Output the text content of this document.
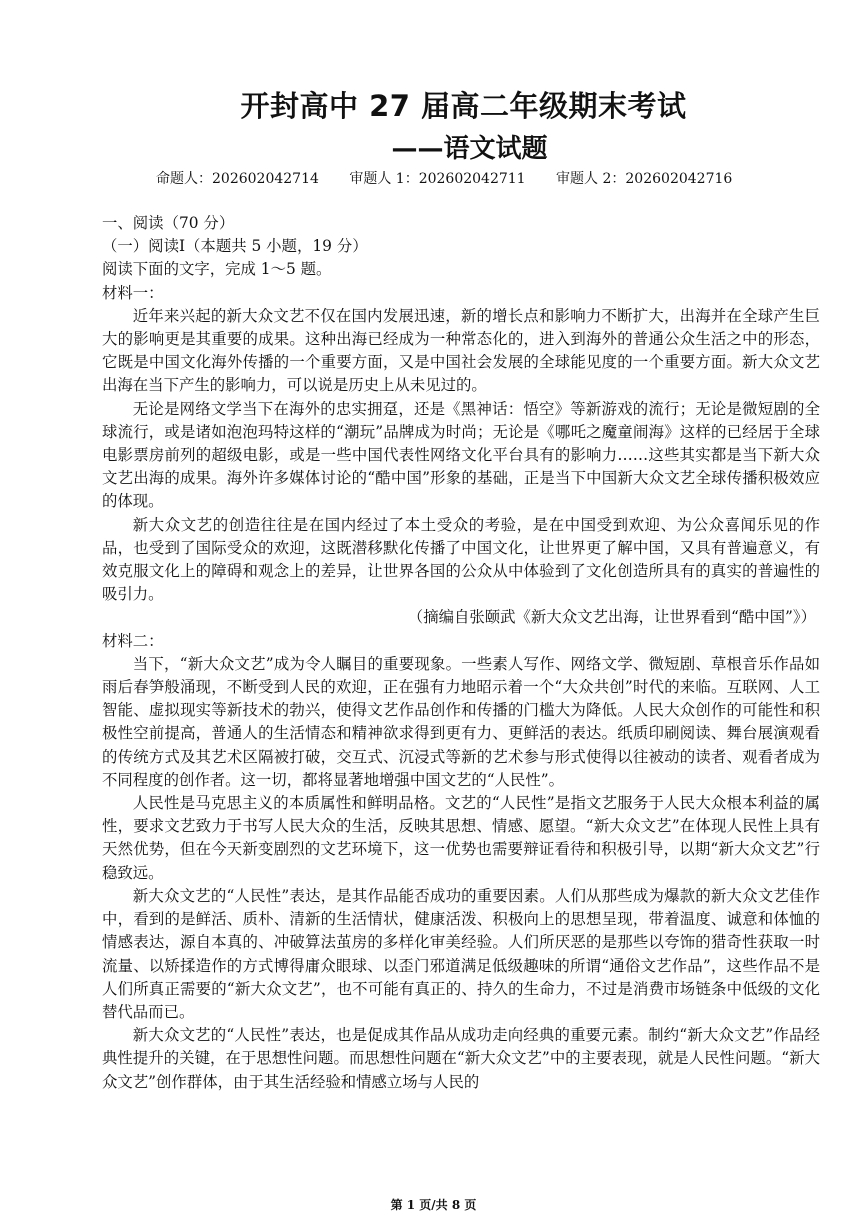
开封高中 27 届高二年级期末考试
——语文试题
命题人：202602042714 审题人 1：202602042711 审题人 2：202602042716

一、阅读（70 分）

（一）阅读Ⅰ（本题共 5 小题，19 分）

阅读下面的文字，完成 1～5 题。

材料一：

近年来兴起的新大众文艺不仅在国内发展迅速，新的增长点和影响力不断扩大，出海并在全球产生巨大的影响更是其重要的成果。这种出海已经成为一种常态化的，进入到海外的普通公众生活之中的形态，它既是中国文化海外传播的一个重要方面，又是中国社会发展的全球能见度的一个重要方面。新大众文艺出海在当下产生的影响力，可以说是历史上从未见过的。

无论是网络文学当下在海外的忠实拥趸，还是《黑神话：悟空》等新游戏的流行；无论是微短剧的全球流行，或是诸如泡泡玛特这样的“潮玩”品牌成为时尚；无论是《哪吒之魔童闹海》这样的已经居于全球电影票房前列的超级电影，或是一些中国代表性网络文化平台具有的影响力……这些其实都是当下新大众文艺出海的成果。海外许多媒体讨论的“酷中国”形象的基础，正是当下中国新大众文艺全球传播积极效应的体现。

新大众文艺的创造往往是在国内经过了本土受众的考验，是在中国受到欢迎、为公众喜闻乐见的作品，也受到了国际受众的欢迎，这既潜移默化传播了中国文化，让世界更了解中国，又具有普遍意义，有效克服文化上的障碍和观念上的差异，让世界各国的公众从中体验到了文化创造所具有的真实的普遍性的吸引力。

（摘编自张颐武《新大众文艺出海，让世界看到“酷中国”》）

材料二：

当下，“新大众文艺”成为令人瞩目的重要现象。一些素人写作、网络文学、微短剧、草根音乐作品如雨后春笋般涌现，不断受到人民的欢迎，正在强有力地昭示着一个“大众共创”时代的来临。互联网、人工智能、虚拟现实等新技术的勃兴，使得文艺作品创作和传播的门槛大为降低。人民大众创作的可能性和积极性空前提高，普通人的生活情态和精神欲求得到更有力、更鲜活的表达。纸质印刷阅读、舞台展演观看的传统方式及其艺术区隔被打破，交互式、沉浸式等新的艺术参与形式使得以往被动的读者、观看者成为不同程度的创作者。这一切，都将显著地增强中国文艺的“人民性”。

人民性是马克思主义的本质属性和鲜明品格。文艺的“人民性”是指文艺服务于人民大众根本利益的属性，要求文艺致力于书写人民大众的生活，反映其思想、情感、愿望。“新大众文艺”在体现人民性上具有天然优势，但在今天新变剧烈的文艺环境下，这一优势也需要辩证看待和积极引导，以期“新大众文艺”行稳致远。

新大众文艺的“人民性”表达，是其作品能否成功的重要因素。人们从那些成为爆款的新大众文艺佳作中，看到的是鲜活、质朴、清新的生活情状，健康活泼、积极向上的思想呈现，带着温度、诚意和体恤的情感表达，源自本真的、冲破算法茧房的多样化审美经验。人们所厌恶的是那些以夸饰的猎奇性获取一时流量、以矫揉造作的方式博得庸众眼球、以歪门邪道满足低级趣味的所谓“通俗文艺作品”，这些作品不是人们所真正需要的“新大众文艺”，也不可能有真正的、持久的生命力，不过是消费市场链条中低级的文化替代品而已。

新大众文艺的“人民性”表达，也是促成其作品从成功走向经典的重要元素。制约“新大众文艺”作品经典性提升的关键，在于思想性问题。而思想性问题在“新大众文艺”中的主要表现，就是人民性问题。“新大众文艺”创作群体，由于其生活经验和情感立场与人民的

第 1 页/共 8 页
